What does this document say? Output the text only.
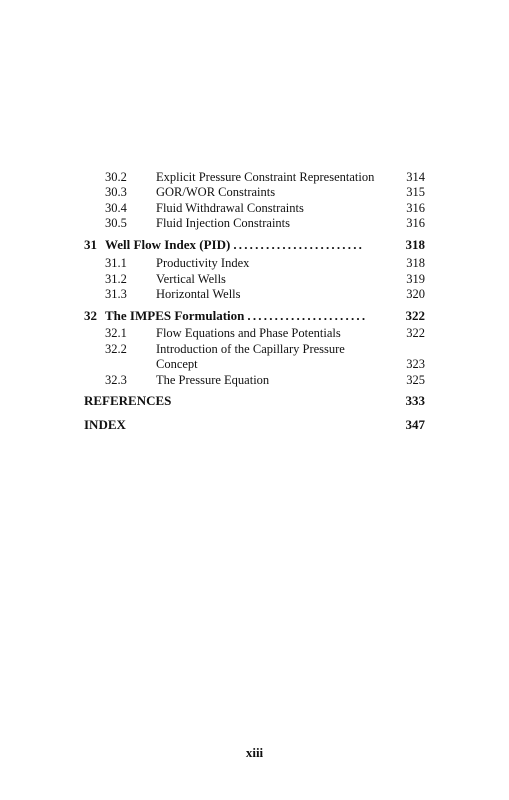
30.2 Explicit Pressure Constraint Representation	314
30.3 GOR/WOR Constraints	315
30.4 Fluid Withdrawal Constraints	316
30.5 Fluid Injection Constraints	316
31 Well Flow Index (PID) ........................	318
31.1 Productivity Index	318
31.2 Vertical Wells	319
31.3 Horizontal Wells	320
32 The IMPES Formulation ......................	322
32.1 Flow Equations and Phase Potentials	322
32.2 Introduction of the Capillary Pressure
Concept	323
32.3 The Pressure Equation	325
REFERENCES	333
INDEX	347
xiii
